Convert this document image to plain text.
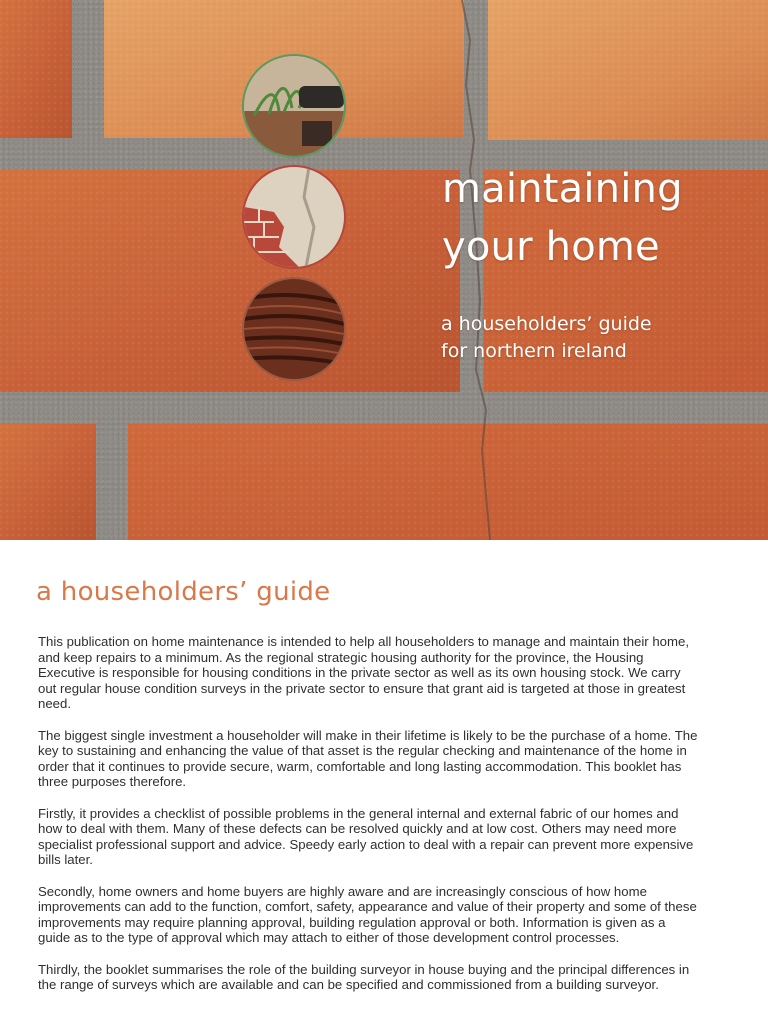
maintaining
your home

a householders’ guide
for northern ireland

a householders’ guide

This publication on home maintenance is intended to help all householders to manage and maintain their home, and keep repairs to a minimum. As the regional strategic housing authority for the province, the Housing Executive is responsible for housing conditions in the private sector as well as its own housing stock. We carry out regular house condition surveys in the private sector to ensure that grant aid is targeted at those in greatest need.

The biggest single investment a householder will make in their lifetime is likely to be the purchase of a home. The key to sustaining and enhancing the value of that asset is the regular checking and maintenance of the home in order that it continues to provide secure, warm, comfortable and long lasting accommodation. This booklet has three purposes therefore.

Firstly, it provides a checklist of possible problems in the general internal and external fabric of our homes and how to deal with them. Many of these defects can be resolved quickly and at low cost. Others may need more specialist professional support and advice. Speedy early action to deal with a repair can prevent more expensive bills later.

Secondly, home owners and home buyers are highly aware and are increasingly conscious of how home improvements can add to the function, comfort, safety, appearance and value of their property and some of these improvements may require planning approval, building regulation approval or both. Information is given as a guide as to the type of approval which may attach to either of those development control processes.

Thirdly, the booklet summarises the role of the building surveyor in house buying and the principal differences in the range of surveys which are available and can be specified and commissioned from a building surveyor.
